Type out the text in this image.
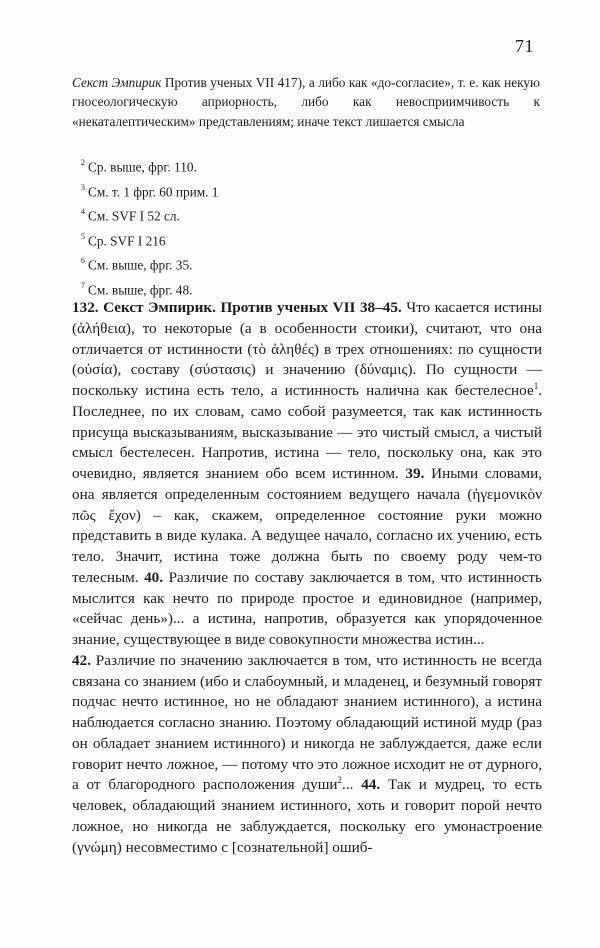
71
Секст Эмпирик Против ученых VII 417), а либо как «до-согласие», т. е. как некую гносеологическую априорность, либо как невосприимчивость к «некаталептическим» представлениям; иначе текст лишается смысла
$^2$ Ср. выше, фрг. 110.
$^3$ См. т. 1 фрг. 60 прим. 1
$^4$ См. SVF I 52 сл.
$^5$ Ср. SVF I 216
$^6$ См. выше, фрг. 35.
$^7$ См. выше, фрг. 48.
132. Секст Эмпирик. Против ученых VII 38–45. Что касается истины (ἀλήθεια), то некоторые (а в особенности стоики), считают, что она отличается от истинности (τὸ ἀληθές) в трех отношениях: по сущности (οὐσία), составу (σύστασις) и значению (δύναμις). По сущности — поскольку истина есть тело, а истинность налична как бестелесное$^1$. Последнее, по их словам, само собой разумеется, так как истинность присуща высказываниям, высказывание — это чистый смысл, а чистый смысл бестелесен. Напротив, истина — тело, поскольку она, как это очевидно, является знанием обо всем истинном. 39. Иными словами, она является определенным состоянием ведущего начала (ἡγεμονικὸν πῶς ἔχον) – как, скажем, определенное состояние руки можно представить в виде кулака. А ведущее начало, согласно их учению, есть тело. Значит, истина тоже должна быть по своему роду чем-то телесным. 40. Различие по составу заключается в том, что истинность мыслится как нечто по природе простое и единовидное (например, «сейчас день»)... а истина, напротив, образуется как упорядоченное знание, существующее в виде совокупности множества истин...
42. Различие по значению заключается в том, что истинность не всегда связана со знанием (ибо и слабоумный, и младенец, и безумный говорят подчас нечто истинное, но не обладают знанием истинного), а истина наблюдается согласно знанию. Поэтому обладающий истиной мудр (раз он обладает знанием истинного) и никогда не заблуждается, даже если говорит нечто ложное, — потому что это ложное исходит не от дурного, а от благородного расположения души$^2$... 44. Так и мудрец, то есть человек, обладающий знанием истинного, хоть и говорит порой нечто ложное, но никогда не заблуждается, поскольку его умонастроение (γνώμη) несовместимо с [сознательной] ошиб-
